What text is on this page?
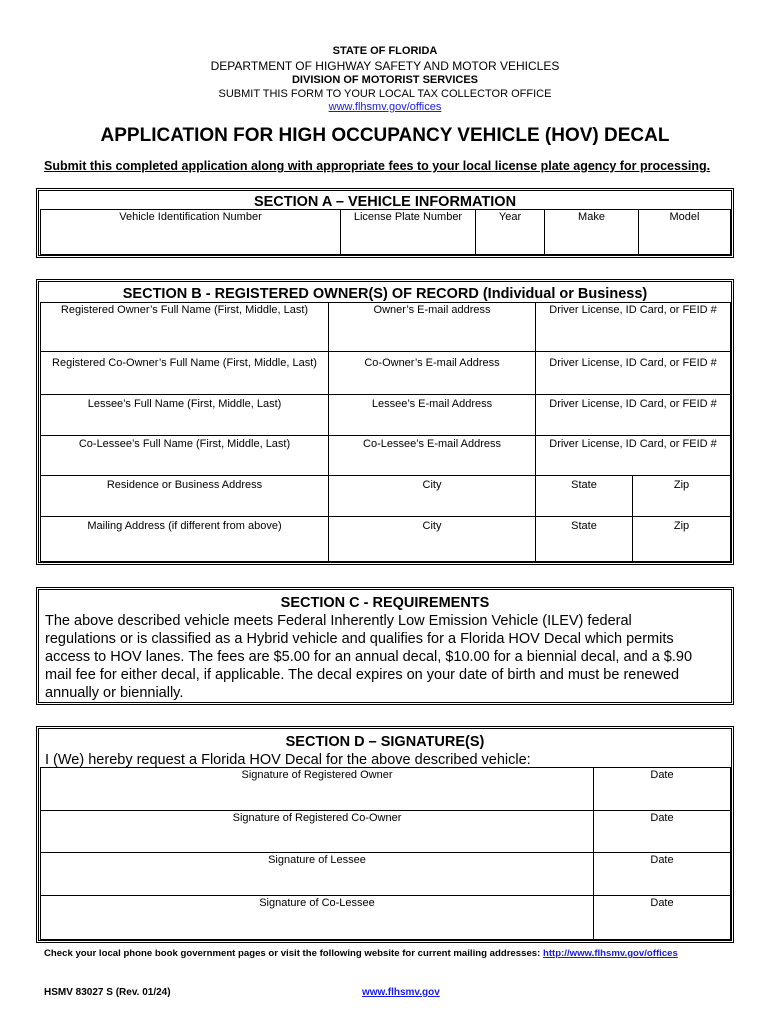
STATE OF FLORIDA
DEPARTMENT OF HIGHWAY SAFETY AND MOTOR VEHICLES
DIVISION OF MOTORIST SERVICES
SUBMIT THIS FORM TO YOUR LOCAL TAX COLLECTOR OFFICE
www.flhsmv.gov/offices
APPLICATION FOR HIGH OCCUPANCY VEHICLE (HOV) DECAL
Submit this completed application along with appropriate fees to your local license plate agency for processing.
SECTION A – VEHICLE INFORMATION
Vehicle Identification Number	License Plate Number	Year	Make	Model
SECTION B - REGISTERED OWNER(S) OF RECORD (Individual or Business)
Registered Owner’s Full Name (First, Middle, Last)	Owner’s E-mail address	Driver License, ID Card, or FEID #
Registered Co-Owner’s Full Name (First, Middle, Last)	Co-Owner’s E-mail Address	Driver License, ID Card, or FEID #
Lessee’s Full Name (First, Middle, Last)	Lessee’s E-mail Address	Driver License, ID Card, or FEID #
Co-Lessee’s Full Name (First, Middle, Last)	Co-Lessee’s E-mail Address	Driver License, ID Card, or FEID #
Residence or Business Address	City	State	Zip
Mailing Address (if different from above)	City	State	Zip
SECTION C - REQUIREMENTS
The above described vehicle meets Federal Inherently Low Emission Vehicle (ILEV) federal
regulations or is classified as a Hybrid vehicle and qualifies for a Florida HOV Decal which permits
access to HOV lanes. The fees are $5.00 for an annual decal, $10.00 for a biennial decal, and a $.90
mail fee for either decal, if applicable. The decal expires on your date of birth and must be renewed
annually or biennially.
SECTION D – SIGNATURE(S)
I (We) hereby request a Florida HOV Decal for the above described vehicle:
Signature of Registered Owner	Date
Signature of Registered Co-Owner	Date
Signature of Lessee	Date
Signature of Co-Lessee	Date
Check your local phone book government pages or visit the following website for current mailing addresses: http://www.flhsmv.gov/offices
HSMV 83027 S (Rev. 01/24)	www.flhsmv.gov
